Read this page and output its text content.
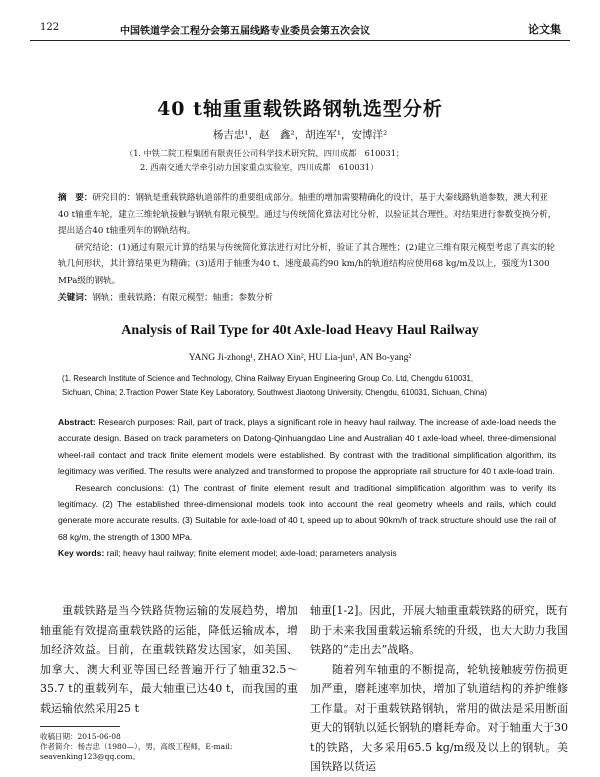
122	中国铁道学会工程分会第五届线路专业委员会第五次会议	论文集
40 t轴重重载铁路钢轨选型分析
杨吉忠¹，赵　鑫²，胡连军¹，安博洋²
（1. 中铁二院工程集团有限责任公司科学技术研究院，四川成都　610031；
2. 西南交通大学牵引动力国家重点实验室，四川成都　610031）

摘　要：研究目的：钢轨是重载铁路轨道部件的重要组成部分。轴重的增加需要精确化的设计，基于大秦线路轨道参数，澳大利亚40 t轴重车轮，建立三维轮轨接触与钢轨有限元模型。通过与传统简化算法对比分析，以验证其合理性。对结果进行参数变换分析，提出适合40 t轴重列车的钢轨结构。

研究结论：(1)通过有限元计算的结果与传统简化算法进行对比分析，验证了其合理性；(2)建立三维有限元模型考虑了真实的轮轨几何形状，其计算结果更为精确；(3)适用于轴重为40 t、速度最高约90 km/h的轨道结构应使用68 kg/m及以上，强度为1300 MPa级的钢轨。

关键词：钢轨；重载铁路；有限元模型；轴重；参数分析

Analysis of Rail Type for 40t Axle-load Heavy Haul Railway
YANG Ji-zhong¹, ZHAO Xin², HU Lia-jun¹, AN Bo-yang²
(1. Research Institute of Science and Technology, China Railway Eryuan Engineering Group Co. Ltd, Chengdu 610031,
Sichuan, China; 2.Traction Power State Key Laboratory, Southwest Jiaotong University, Chengdu, 610031, Sichuan, China)

Abstract: Research purposes: Rail, part of track, plays a significant role in heavy haul railway. The increase of axle-load needs the accurate design. Based on track parameters on Datong-Qinhuangdao Line and Australian 40 t axle-load wheel, three-dimensional wheel-rail contact and track finite element models were established. By contrast with the traditional simplification algorithm, its legitimacy was verified. The results were analyzed and transformed to propose the appropriate rail structure for 40 t axle-load train.

Research conclusions: (1) The contrast of finite element result and traditional simplification algorithm was to verify its legitimacy. (2) The established three-dimensional models took into account the real geometry wheels and rails, which could generate more accurate results. (3) Suitable for axle-load of 40 t, speed up to about 90km/h of track structure should use the rail of 68 kg/m, the strength of 1300 MPa.

Key words: rail; heavy haul railway; finite element model; axle-load; parameters analysis

重载铁路是当今铁路货物运输的发展趋势，增加轴重能有效提高重载铁路的运能，降低运输成本，增加经济效益。目前，在重载铁路发达国家，如美国、加拿大、澳大利亚等国已经普遍开行了轴重32.5～35.7 t的重载列车，最大轴重已达40 t，而我国的重载运输依然采用25 t

轴重[1-2]。因此，开展大轴重重载铁路的研究，既有助于未来我国重载运输系统的升级，也大大助力我国铁路的“走出去”战略。

随着列车轴重的不断提高，轮轨接触疲劳伤损更加严重，磨耗速率加快，增加了轨道结构的养护维修工作量。对于重载铁路钢轨，常用的做法是采用断面更大的钢轨以延长钢轨的磨耗寿命。对于轴重大于30 t的铁路，大多采用65.5 kg/m级及以上的钢轨。美国铁路以货运

收稿日期：2015-06-08
作者简介：杨吉忠（1980—），男，高级工程师，E-mail: seavenking123@qq.com。
